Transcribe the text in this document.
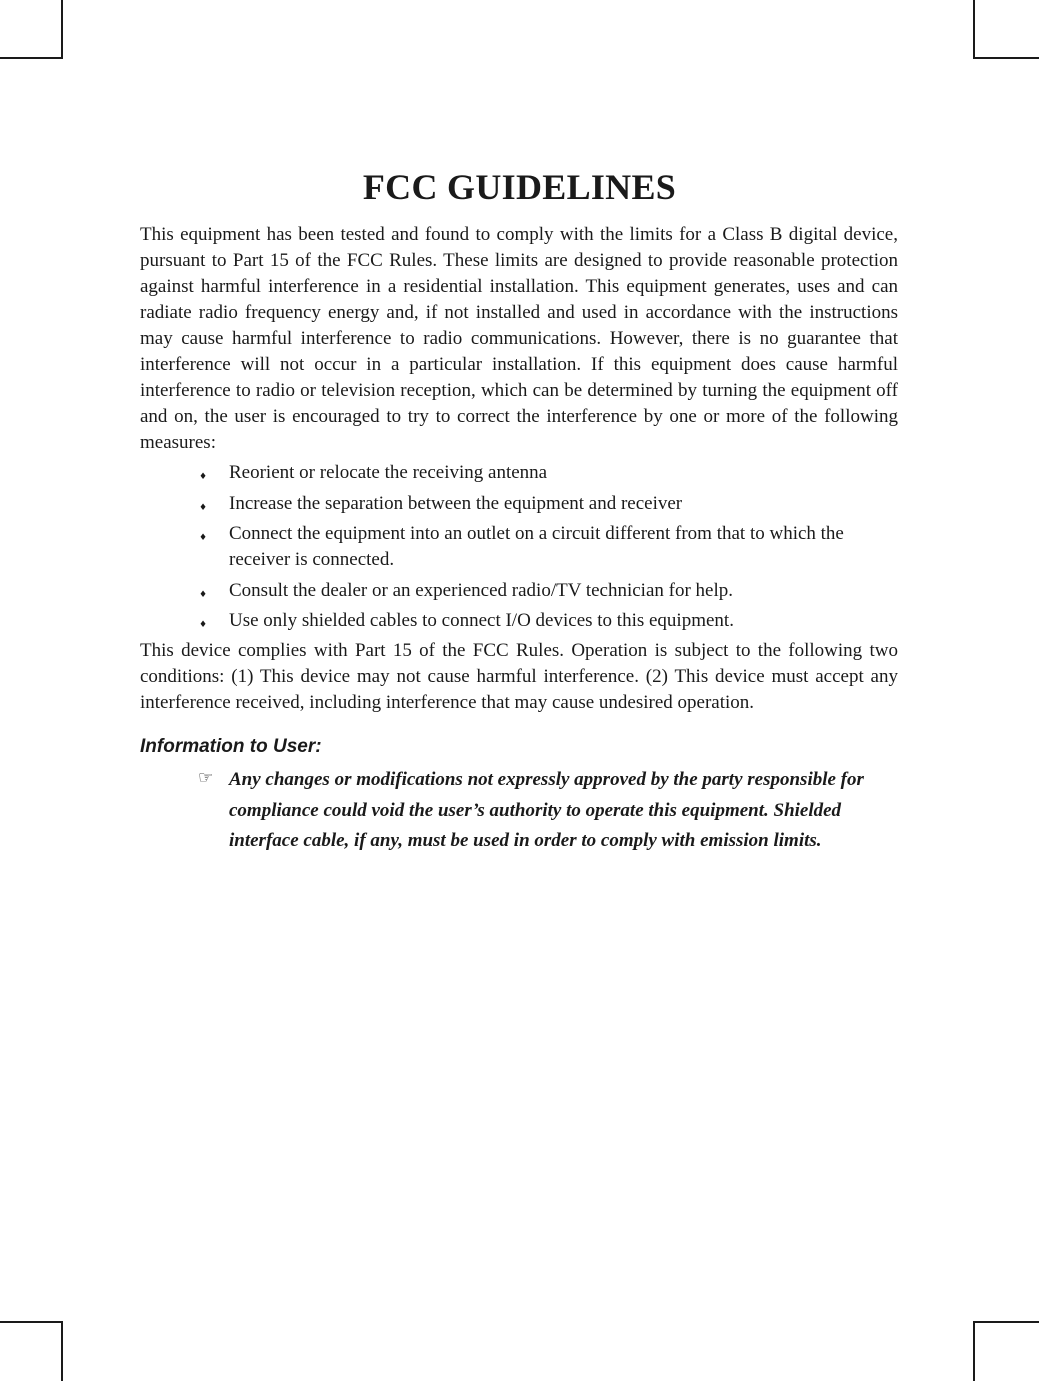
FCC GUIDELINES

This equipment has been tested and found to comply with the limits for a Class B digital device, pursuant to Part 15 of the FCC Rules. These limits are designed to provide reasonable protection against harmful interference in a residential installation. This equipment generates, uses and can radiate radio frequency energy and, if not installed and used in accordance with the instructions may cause harmful interference to radio communications. However, there is no guarantee that interference will not occur in a particular installation. If this equipment does cause harmful interference to radio or television reception, which can be determined by turning the equipment off and on, the user is encouraged to try to correct the interference by one or more of the following measures:

♦ Reorient or relocate the receiving antenna
♦ Increase the separation between the equipment and receiver
♦ Connect the equipment into an outlet on a circuit different from that to which the receiver is connected.
♦ Consult the dealer or an experienced radio/TV technician for help.
♦ Use only shielded cables to connect I/O devices to this equipment.

This device complies with Part 15 of the FCC Rules. Operation is subject to the following two conditions: (1) This device may not cause harmful interference. (2) This device must accept any interference received, including interference that may cause undesired operation.

Information to User:
☞ Any changes or modifications not expressly approved by the party responsible for compliance could void the user’s authority to operate this equipment. Shielded interface cable, if any, must be used in order to comply with emission limits.
